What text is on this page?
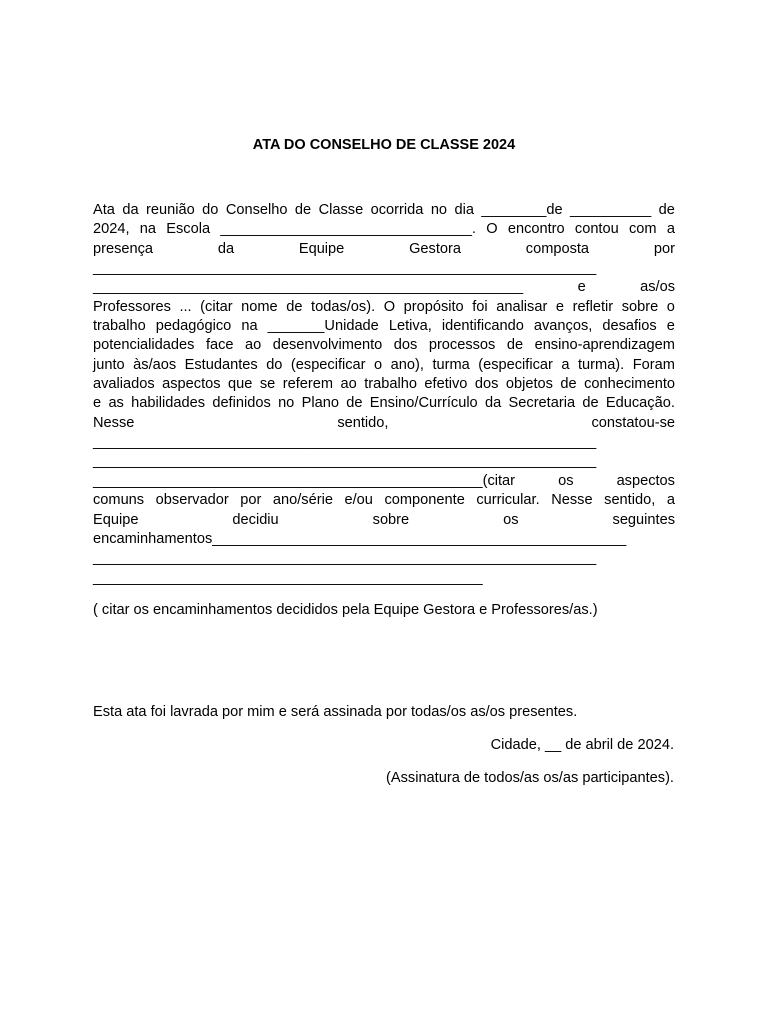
ATA DO CONSELHO DE CLASSE 2024
Ata da reunião do Conselho de Classe ocorrida no dia ________de __________ de
2024, na Escola _______________________________. O encontro contou com a
presença	da	Equipe	Gestora	composta	por
______________________________________________________________
_____________________________________________________	e	as/os
Professores ... (citar nome de todas/os). O propósito foi analisar e refletir sobre o
trabalho pedagógico na _______Unidade Letiva, identificando avanços, desafios e
potencialidades face ao desenvolvimento dos processos de ensino-aprendizagem
junto às/aos Estudantes do (especificar o ano), turma (especificar a turma). Foram
avaliados aspectos que se referem ao trabalho efetivo dos objetos de conhecimento
e as habilidades definidos no Plano de Ensino/Currículo da Secretaria de Educação.
Nesse	sentido,	constatou-se
______________________________________________________________
______________________________________________________________
________________________________________________(citar	os	aspectos
comuns observador por ano/série e/ou componente curricular. Nesse sentido, a
Equipe	decidiu	sobre	os	seguintes
encaminhamentos___________________________________________________
______________________________________________________________
________________________________________________
( citar os encaminhamentos decididos pela Equipe Gestora e Professores/as.)
Esta ata foi lavrada por mim e será assinada por todas/os as/os presentes.
Cidade, __ de abril de 2024.
(Assinatura de todos/as os/as participantes).
